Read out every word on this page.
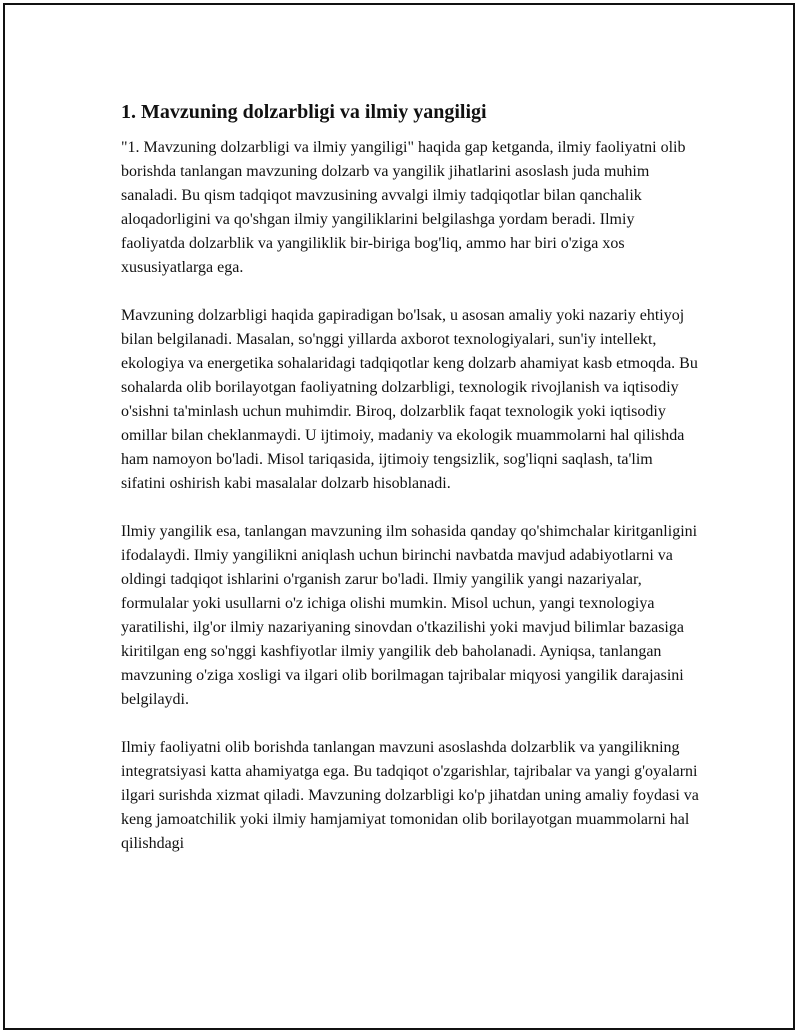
1. Mavzuning dolzarbligi va ilmiy yangiligi

"1. Mavzuning dolzarbligi va ilmiy yangiligi" haqida gap ketganda, ilmiy faoliyatni olib borishda tanlangan mavzuning dolzarb va yangilik jihatlarini asoslash juda muhim sanaladi. Bu qism tadqiqot mavzusining avvalgi ilmiy tadqiqotlar bilan qanchalik aloqadorligini va qo'shgan ilmiy yangiliklarini belgilashga yordam beradi. Ilmiy faoliyatda dolzarblik va yangiliklik bir-biriga bog'liq, ammo har biri o'ziga xos xususiyatlarga ega.

Mavzuning dolzarbligi haqida gapiradigan bo'lsak, u asosan amaliy yoki nazariy ehtiyoj bilan belgilanadi. Masalan, so'nggi yillarda axborot texnologiyalari, sun'iy intellekt, ekologiya va energetika sohalaridagi tadqiqotlar keng dolzarb ahamiyat kasb etmoqda. Bu sohalarda olib borilayotgan faoliyatning dolzarbligi, texnologik rivojlanish va iqtisodiy o'sishni ta'minlash uchun muhimdir. Biroq, dolzarblik faqat texnologik yoki iqtisodiy omillar bilan cheklanmaydi. U ijtimoiy, madaniy va ekologik muammolarni hal qilishda ham namoyon bo'ladi. Misol tariqasida, ijtimoiy tengsizlik, sog'liqni saqlash, ta'lim sifatini oshirish kabi masalalar dolzarb hisoblanadi.

Ilmiy yangilik esa, tanlangan mavzuning ilm sohasida qanday qo'shimchalar kiritganligini ifodalaydi. Ilmiy yangilikni aniqlash uchun birinchi navbatda mavjud adabiyotlarni va oldingi tadqiqot ishlarini o'rganish zarur bo'ladi. Ilmiy yangilik yangi nazariyalar, formulalar yoki usullarni o'z ichiga olishi mumkin. Misol uchun, yangi texnologiya yaratilishi, ilg'or ilmiy nazariyaning sinovdan o'tkazilishi yoki mavjud bilimlar bazasiga kiritilgan eng so'nggi kashfiyotlar ilmiy yangilik deb baholanadi. Ayniqsa, tanlangan mavzuning o'ziga xosligi va ilgari olib borilmagan tajribalar miqyosi yangilik darajasini belgilaydi.

Ilmiy faoliyatni olib borishda tanlangan mavzuni asoslashda dolzarblik va yangilikning integratsiyasi katta ahamiyatga ega. Bu tadqiqot o'zgarishlar, tajribalar va yangi g'oyalarni ilgari surishda xizmat qiladi. Mavzuning dolzarbligi ko'p jihatdan uning amaliy foydasi va keng jamoatchilik yoki ilmiy hamjamiyat tomonidan olib borilayotgan muammolarni hal qilishdagi
